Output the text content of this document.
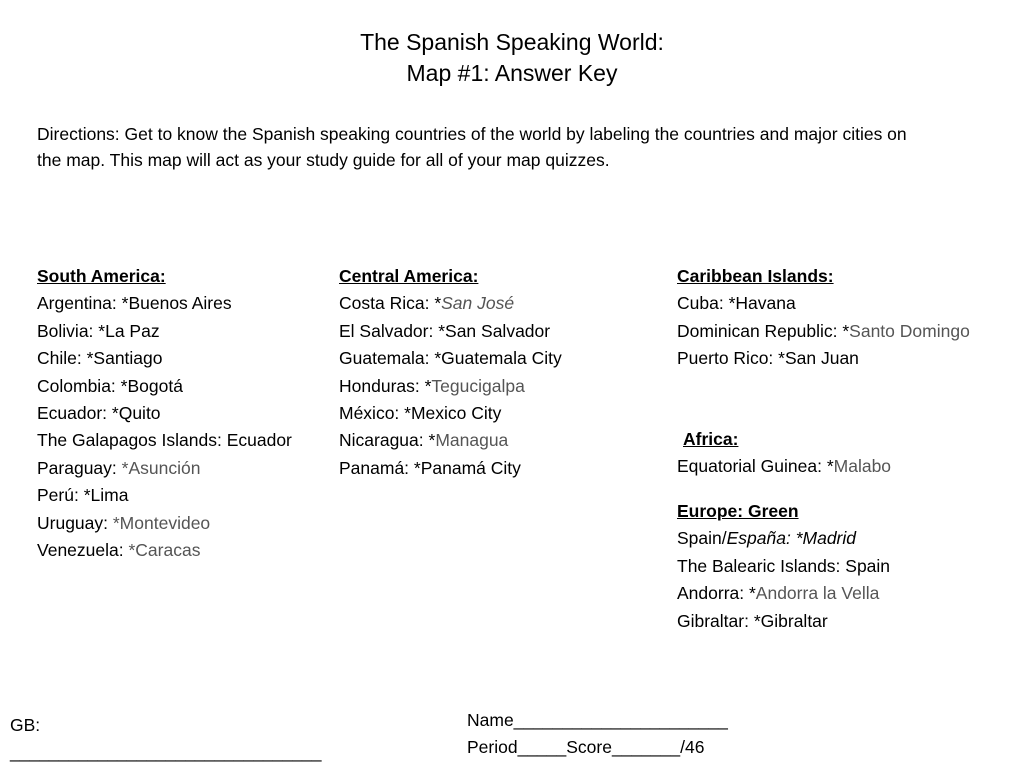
The Spanish Speaking World:
Map #1: Answer Key
Directions: Get to know the Spanish speaking countries of the world by labeling the countries and major cities on the map. This map will act as your study guide for all of your map quizzes.
South America:
Argentina: *Buenos Aires
Bolivia: *La Paz
Chile: *Santiago
Colombia: *Bogotá
Ecuador: *Quito
The Galapagos Islands: Ecuador
Paraguay: *Asunción
Perú: *Lima
Uruguay: *Montevideo
Venezuela: *Caracas
Central America:
Costa Rica: *San José
El Salvador: *San Salvador
Guatemala: *Guatemala City
Honduras: *Tegucigalpa
México: *Mexico City
Nicaragua: *Managua
Panamá: *Panamá City
Caribbean Islands:
Cuba: *Havana
Dominican Republic: *Santo Domingo
Puerto Rico: *San Juan
Africa:
Equatorial Guinea: *Malabo
Europe: Green
Spain/España: *Madrid
The Balearic Islands: Spain
Andorra: *Andorra la Vella
Gibraltar: *Gibraltar
GB:
________________________________
Name______________________
Period_____Score_______/46
